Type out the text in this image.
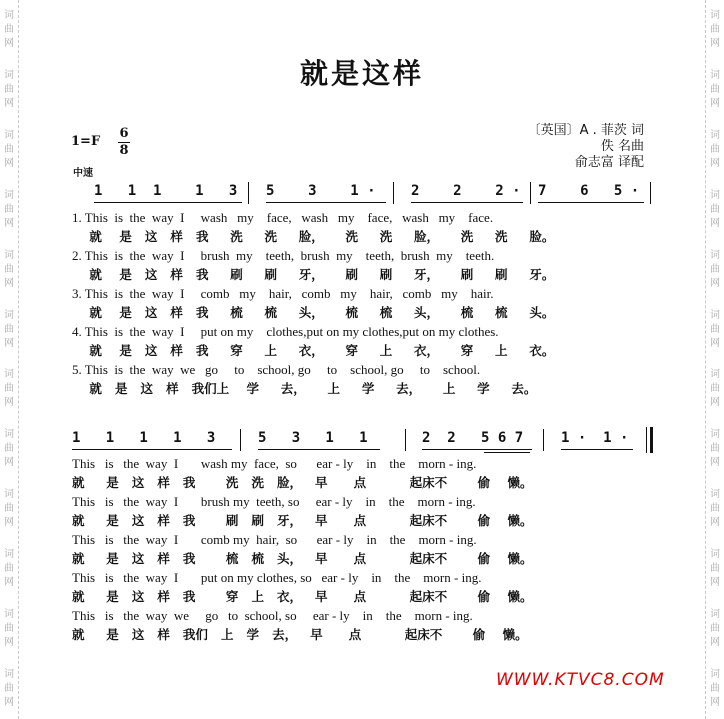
词
曲
网
词
曲
网
词
曲
网
词
曲
网
词
曲
网
词
曲
网
词
曲
网
词
曲
网
词
曲
网
词
曲
网
词
曲
网
词
曲
网
词
曲
网
词
曲
网
词
曲
网
词
曲
网
词
曲
网
词
曲
网
词
曲
网
词
曲
网
词
曲
网
词
曲
网
词
曲
网
词
曲
网
就是这样
1=F
6
8
中速
〔英国〕A . 菲茨 词
佚 名曲
俞志富 译配
1   1  1    1   3 5    3    1 ·	2    2    2 · 7    6   5 ·
1. This  is  the  way  I     wash   my    face,   wash   my    face,   wash   my    face.
就    是   这   样   我     洗     洗     脸，     洗     洗     脸，     洗     洗     脸。
2. This  is  the  way  I     brush  my    teeth,  brush  my    teeth,  brush  my    teeth.
就    是   这   样   我     刷     刷     牙，     刷     刷     牙，     刷     刷     牙。
3. This  is  the  way  I     comb   my    hair,   comb   my    hair,   comb   my    hair.
就    是   这   样   我     梳     梳     头，     梳     梳     头，     梳     梳     头。
4. This  is  the  way  I     put on my    clothes,put on my clothes,put on my clothes.
就    是   这   样   我     穿     上     衣，     穿     上     衣，     穿     上     衣。
5. This  is  the  way  we   go     to    school, go     to    school, go     to    school.
就   是   这   样   我们上    学     去，     上     学     去，     上     学     去。
1   1   1   1   3	5   3   1   1	2  2   5 6 7	1 ·  1 ·
This   is   the  way  I       wash my  face,  so      ear - ly    in    the    morn - ing.
就     是   这   样   我       洗   洗   脸，   早      点          起床不       偷    懒。
This   is   the  way  I       brush my  teeth, so     ear - ly    in    the    morn - ing.
就     是   这   样   我       刷   刷   牙，   早      点          起床不       偷    懒。
This   is   the  way  I       comb my  hair,  so      ear - ly    in    the    morn - ing.
就     是   这   样   我       梳   梳   头，   早      点          起床不       偷    懒。
This   is   the  way  I       put on my clothes, so   ear - ly    in    the    morn - ing.
就     是   这   样   我       穿   上   衣，   早      点          起床不       偷    懒。
This   is   the  way  we     go   to  school, so     ear - ly    in    the    morn - ing.
就     是   这   样   我们   上   学   去，   早      点          起床不       偷    懒。
WWW.KTVC8.COM
